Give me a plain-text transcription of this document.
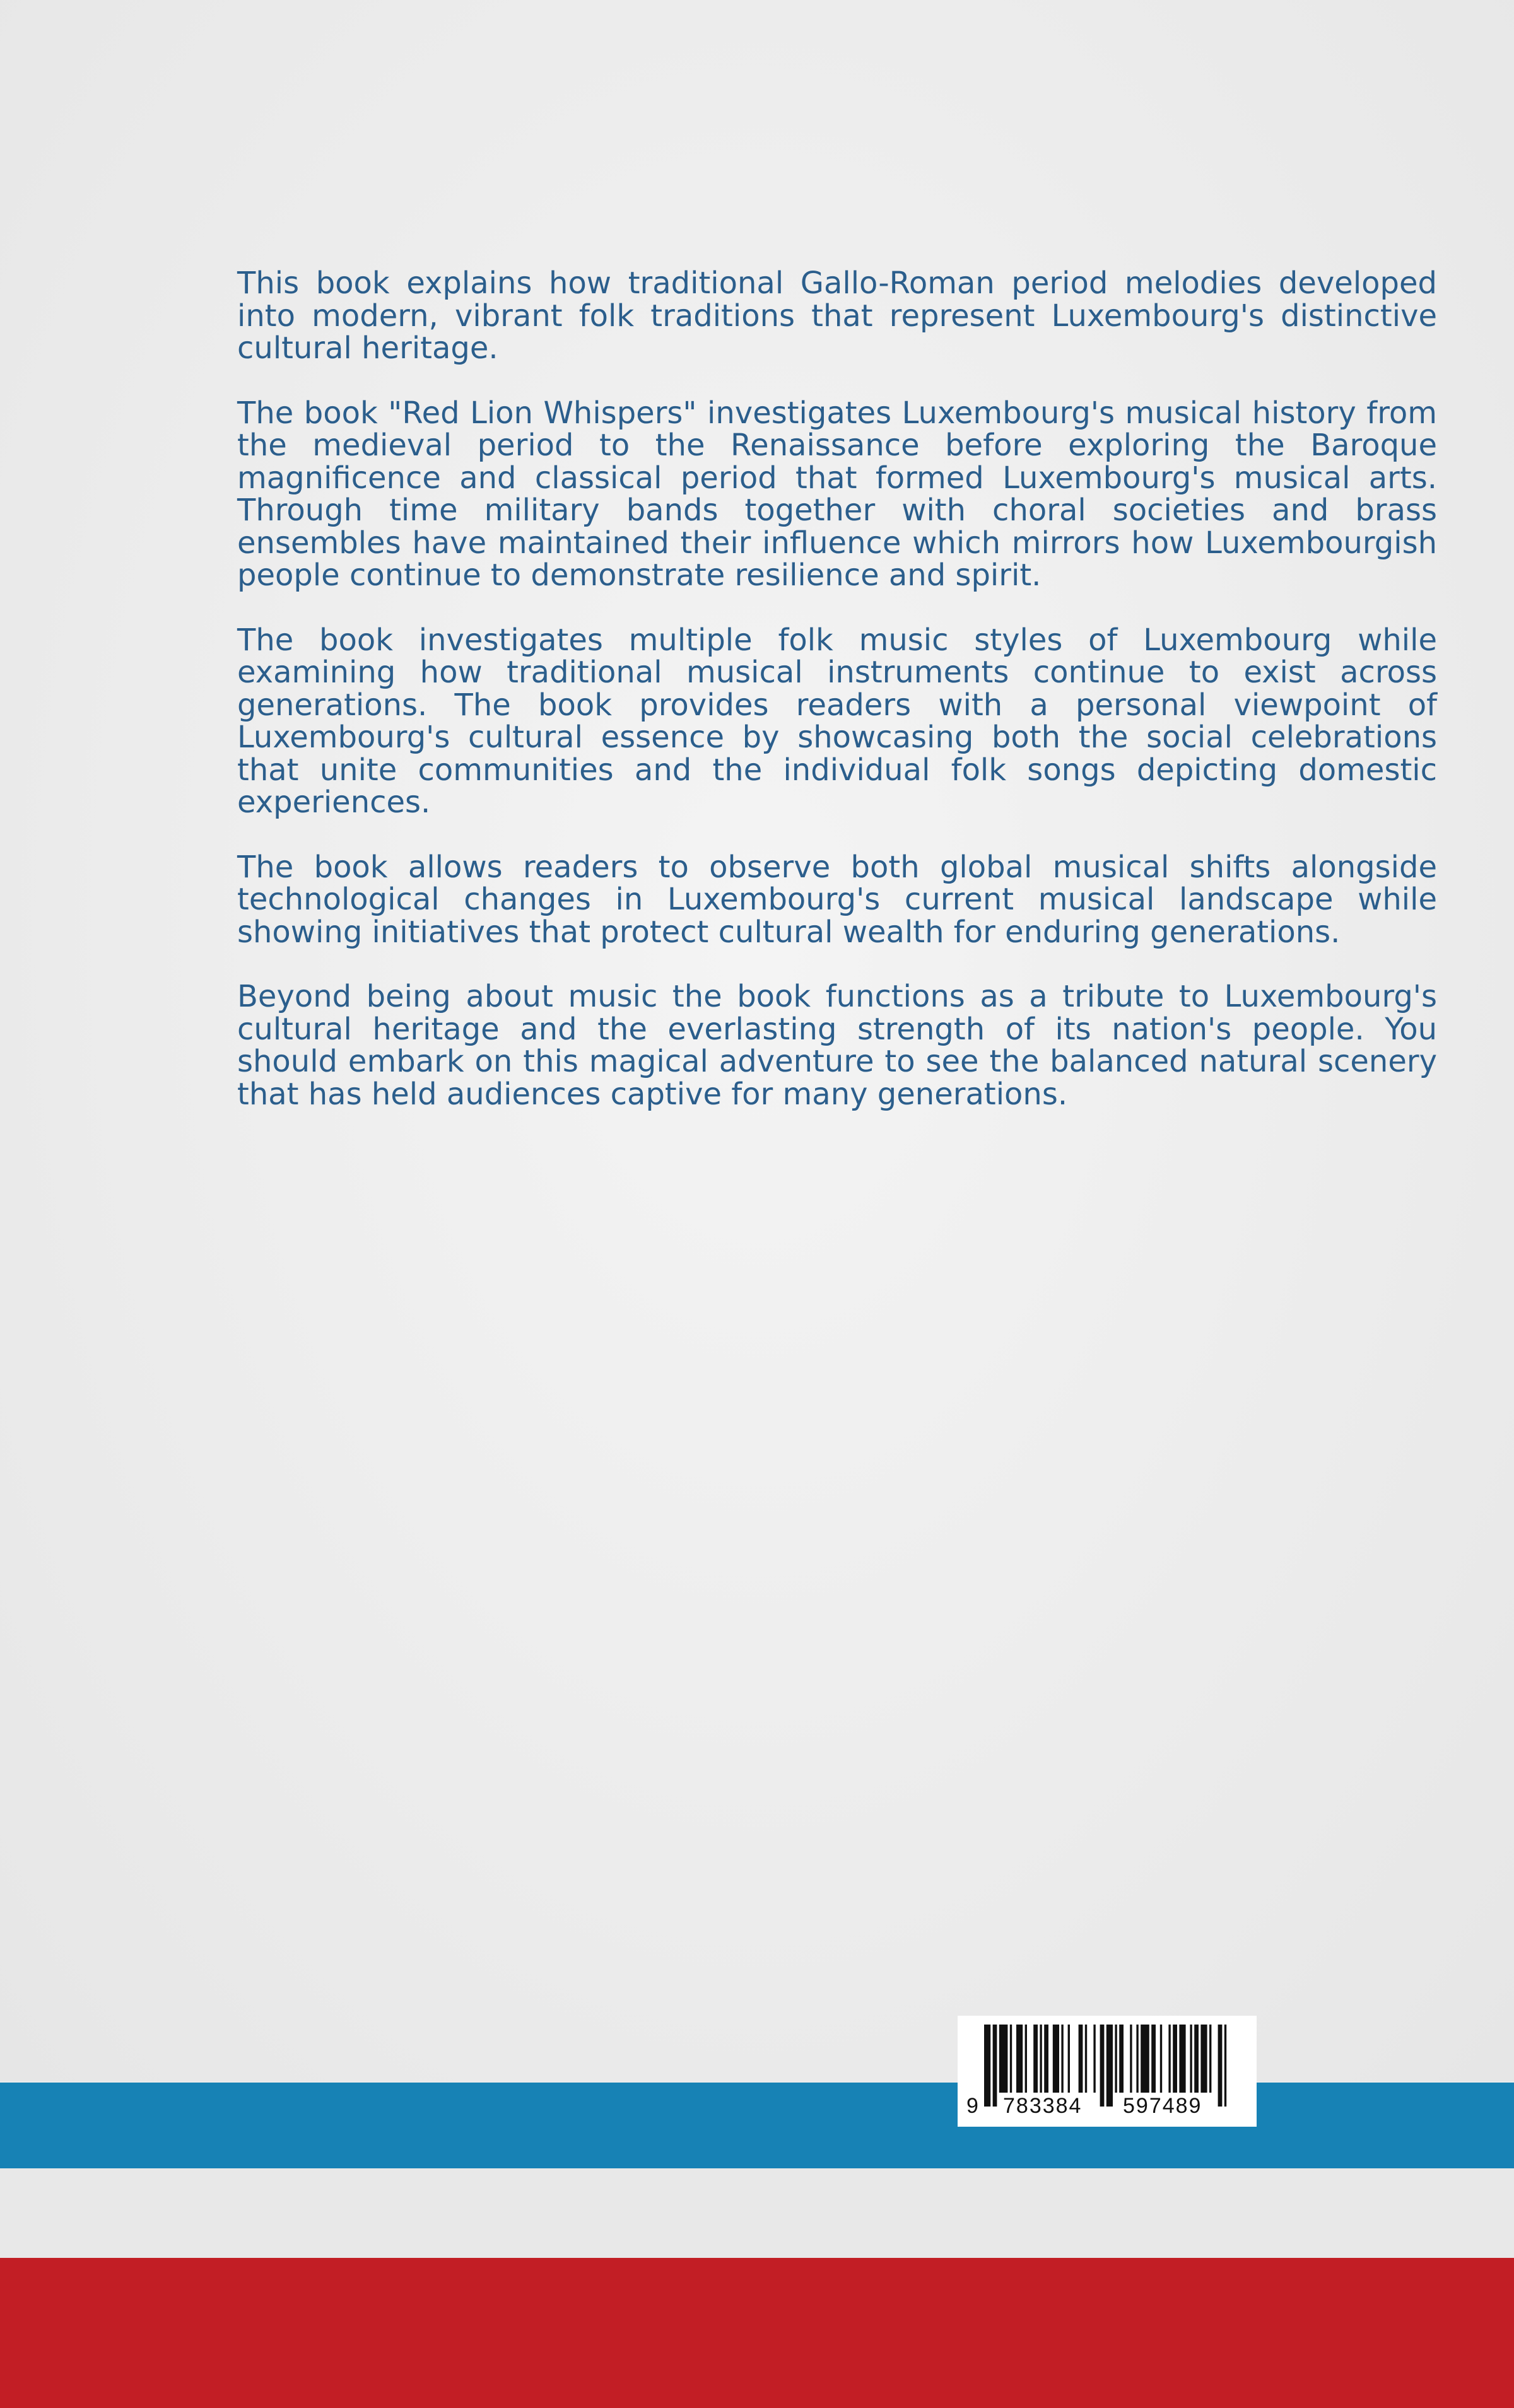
This book explains how traditional Gallo-Roman period melodies developed into modern, vibrant folk traditions that represent Luxembourg's distinctive cultural heritage.

The book "Red Lion Whispers" investigates Luxembourg's musical history from the medieval period to the Renaissance before exploring the Baroque magnificence and classical period that formed Luxembourg's musical arts. Through time military bands together with choral societies and brass ensembles have maintained their influence which mirrors how Luxembourgish people continue to demonstrate resilience and spirit.

The book investigates multiple folk music styles of Luxembourg while examining how traditional musical instruments continue to exist across generations. The book provides readers with a personal viewpoint of Luxembourg's cultural essence by showcasing both the social celebrations that unite communities and the individual folk songs depicting domestic experiences.

The book allows readers to observe both global musical shifts alongside technological changes in Luxembourg's current musical landscape while showing initiatives that protect cultural wealth for enduring generations.

Beyond being about music the book functions as a tribute to Luxembourg's cultural heritage and the everlasting strength of its nation's people. You should embark on this magical adventure to see the balanced natural scenery that has held audiences captive for many generations.

9 783384 597489
